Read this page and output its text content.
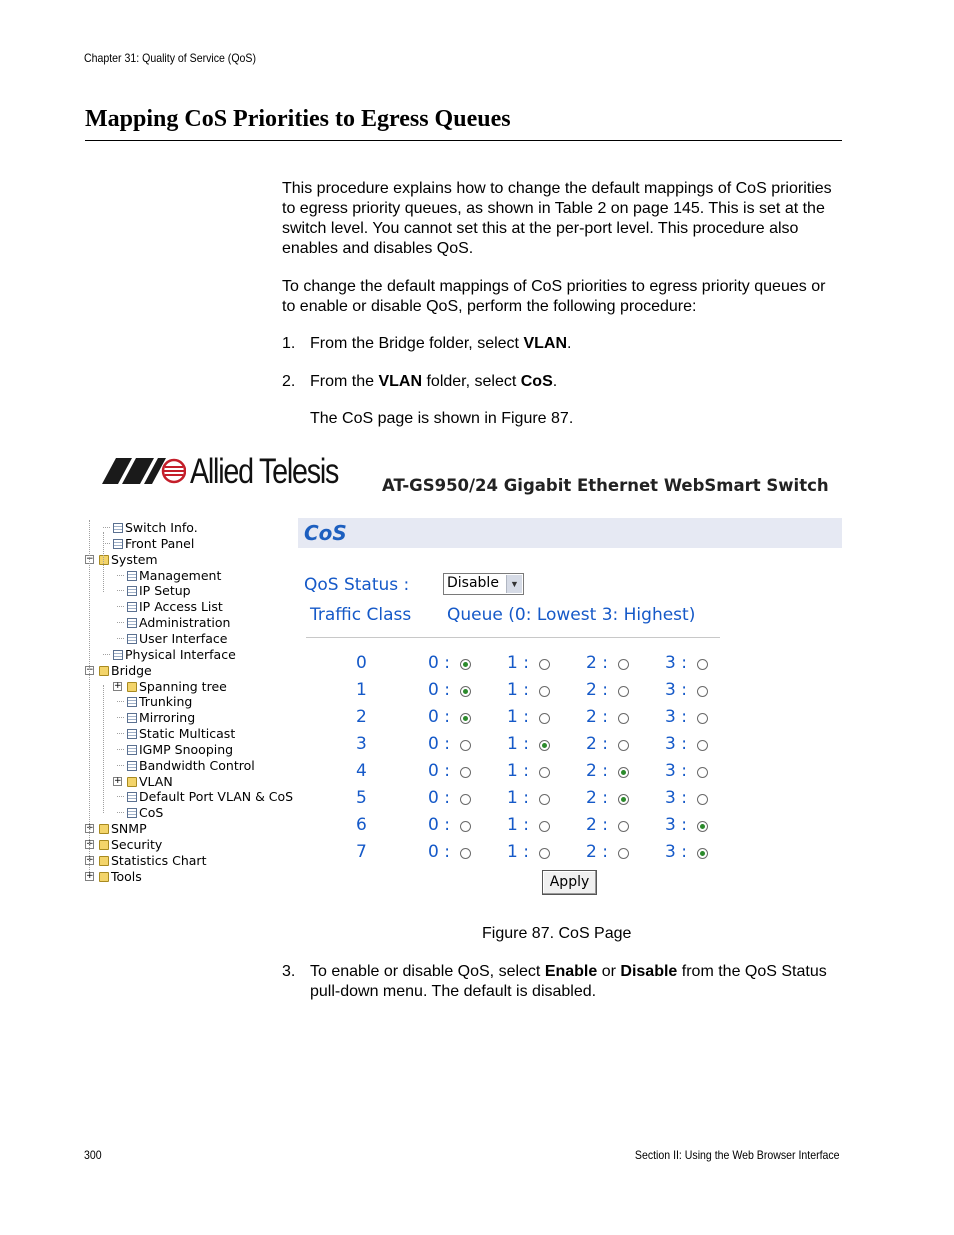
Chapter 31: Quality of Service (QoS)
Mapping CoS Priorities to Egress Queues
This procedure explains how to change the default mappings of CoS priorities to egress priority queues, as shown in Table 2 on page 145. This is set at the switch level. You cannot set this at the per-port level. This procedure also enables and disables QoS.
To change the default mappings of CoS priorities to egress priority queues or to enable or disable QoS, perform the following procedure:
1. From the Bridge folder, select VLAN.
2. From the VLAN folder, select CoS.
The CoS page is shown in Figure 87.
Allied Telesis	AT-GS950/24 Gigabit Ethernet WebSmart Switch
Switch Info.
Front Panel
− System
Management
IP Setup
IP Access List
Administration
User Interface
Physical Interface
− Bridge
+ Spanning tree
Trunking
Mirroring
Static Multicast
IGMP Snooping
Bandwidth Control
+ VLAN
Default Port VLAN & CoS
CoS
+ SNMP
+ Security
+ Statistics Chart
+ Tools
CoS
QoS Status :	Disable	▼
Traffic Class Queue (0: Lowest 3: Highest)
0	0 :	1 :	2 :	3 :
1	0 :	1 :	2 :	3 :
2	0 :	1 :	2 :	3 :
3	0 :	1 :	2 :	3 :
4	0 :	1 :	2 :	3 :
5	0 :	1 :	2 :	3 :
6	0 :	1 :	2 :	3 :
7	0 :	1 :	2 :	3 :
Apply
Figure 87. CoS Page
3. To enable or disable QoS, select Enable or Disable from the QoS Status pull-down menu. The default is disabled.
300	Section II: Using the Web Browser Interface
